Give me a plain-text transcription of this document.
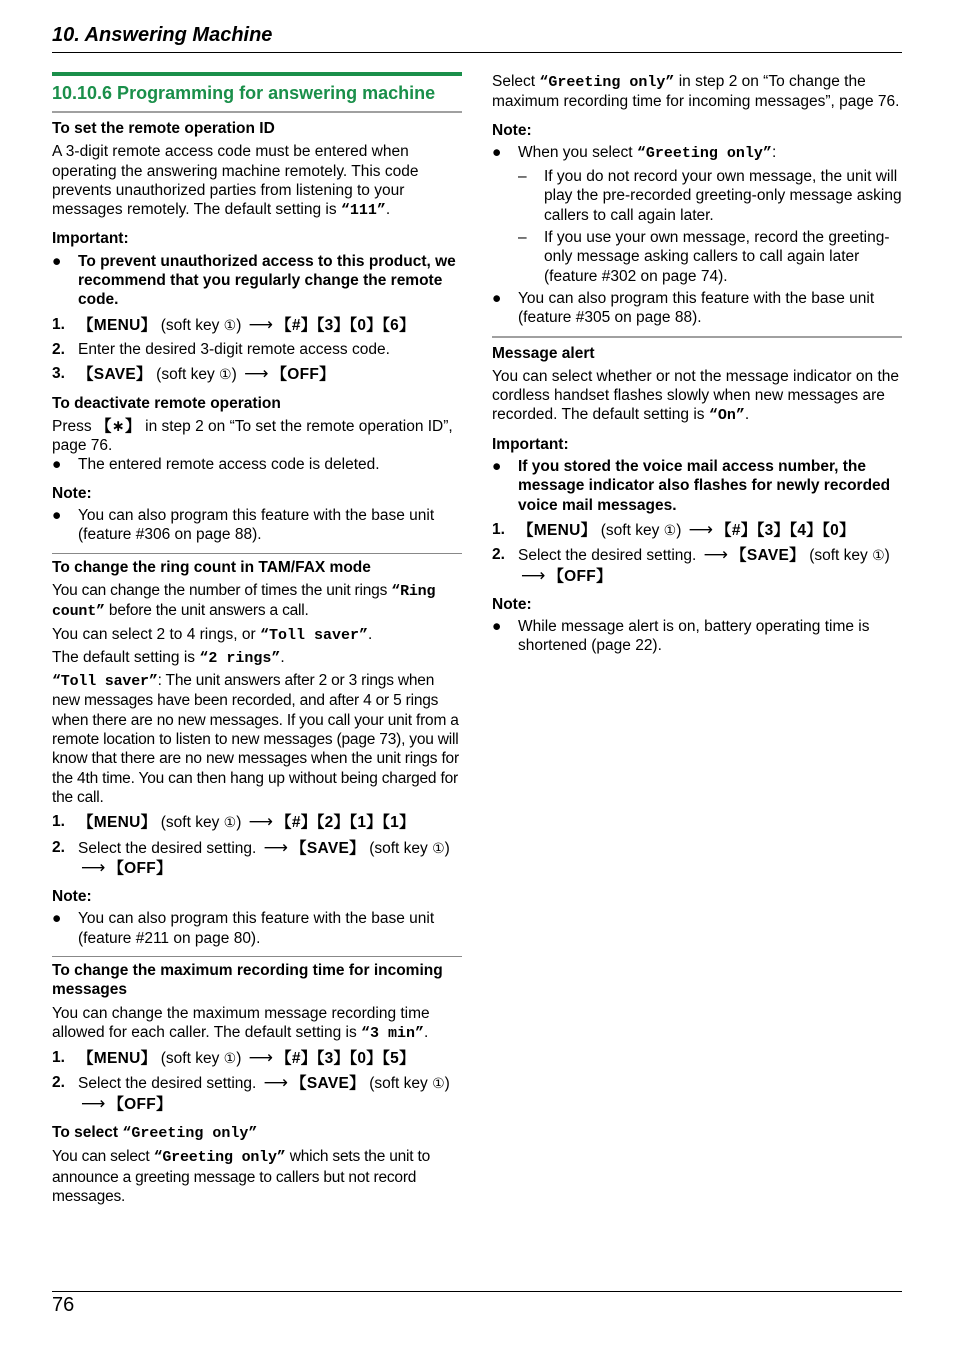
10. Answering Machine
10.10.6 Programming for answering machine
To set the remote operation ID

A 3-digit remote access code must be entered when operating the answering machine remotely. This code prevents unauthorized parties from listening to your messages remotely. The default setting is “111”.

Important:
● To prevent unauthorized access to this product, we recommend that you regularly change the remote code.
1. 【MENU】 (soft key ①) ⟶ 【#】【3】【0】【6】
2. Enter the desired 3-digit remote access code.
3. 【SAVE】 (soft key ①) ⟶ 【OFF】
To deactivate remote operation

Press 【∗】 in step 2 on “To set the remote operation ID”, page 76.

● The entered remote access code is deleted.
Note:
● You can also program this feature with the base unit (feature #306 on page 88).
To change the ring count in TAM/FAX mode

You can change the number of times the unit rings “Ring count” before the unit answers a call.

You can select 2 to 4 rings, or “Toll saver”.

The default setting is “2 rings”.

“Toll saver”: The unit answers after 2 or 3 rings when new messages have been recorded, and after 4 or 5 rings when there are no new messages. If you call your unit from a remote location to listen to new messages (page 73), you will know that there are no new messages when the unit rings for the 4th time. You can then hang up without being charged for the call.

1. 【MENU】 (soft key ①) ⟶ 【#】【2】【1】【1】
2. Select the desired setting. ⟶ 【SAVE】 (soft key ①)
⟶ 【OFF】
Note:
● You can also program this feature with the base unit (feature #211 on page 80).
To change the maximum recording time for incoming messages

You can change the maximum message recording time allowed for each caller. The default setting is “3 min”.

1. 【MENU】 (soft key ①) ⟶ 【#】【3】【0】【5】
2. Select the desired setting. ⟶ 【SAVE】 (soft key ①)
⟶ 【OFF】
To select “Greeting only”

You can select “Greeting only” which sets the unit to announce a greeting message to callers but not record messages.

Select “Greeting only” in step 2 on “To change the maximum recording time for incoming messages”, page 76.

Note:
● When you select “Greeting only”:
– If you do not record your own message, the unit will play the pre-recorded greeting-only message asking callers to call again later.
– If you use your own message, record the greeting-only message asking callers to call again later (feature #302 on page 74).
● You can also program this feature with the base unit (feature #305 on page 88).
Message alert

You can select whether or not the message indicator on the cordless handset flashes slowly when new messages are recorded. The default setting is “On”.

Important:
● If you stored the voice mail access number, the message indicator also flashes for newly recorded voice mail messages.
1. 【MENU】 (soft key ①) ⟶ 【#】【3】【4】【0】
2. Select the desired setting. ⟶ 【SAVE】 (soft key ①)
⟶ 【OFF】
Note:
● While message alert is on, battery operating time is shortened (page 22).
76
